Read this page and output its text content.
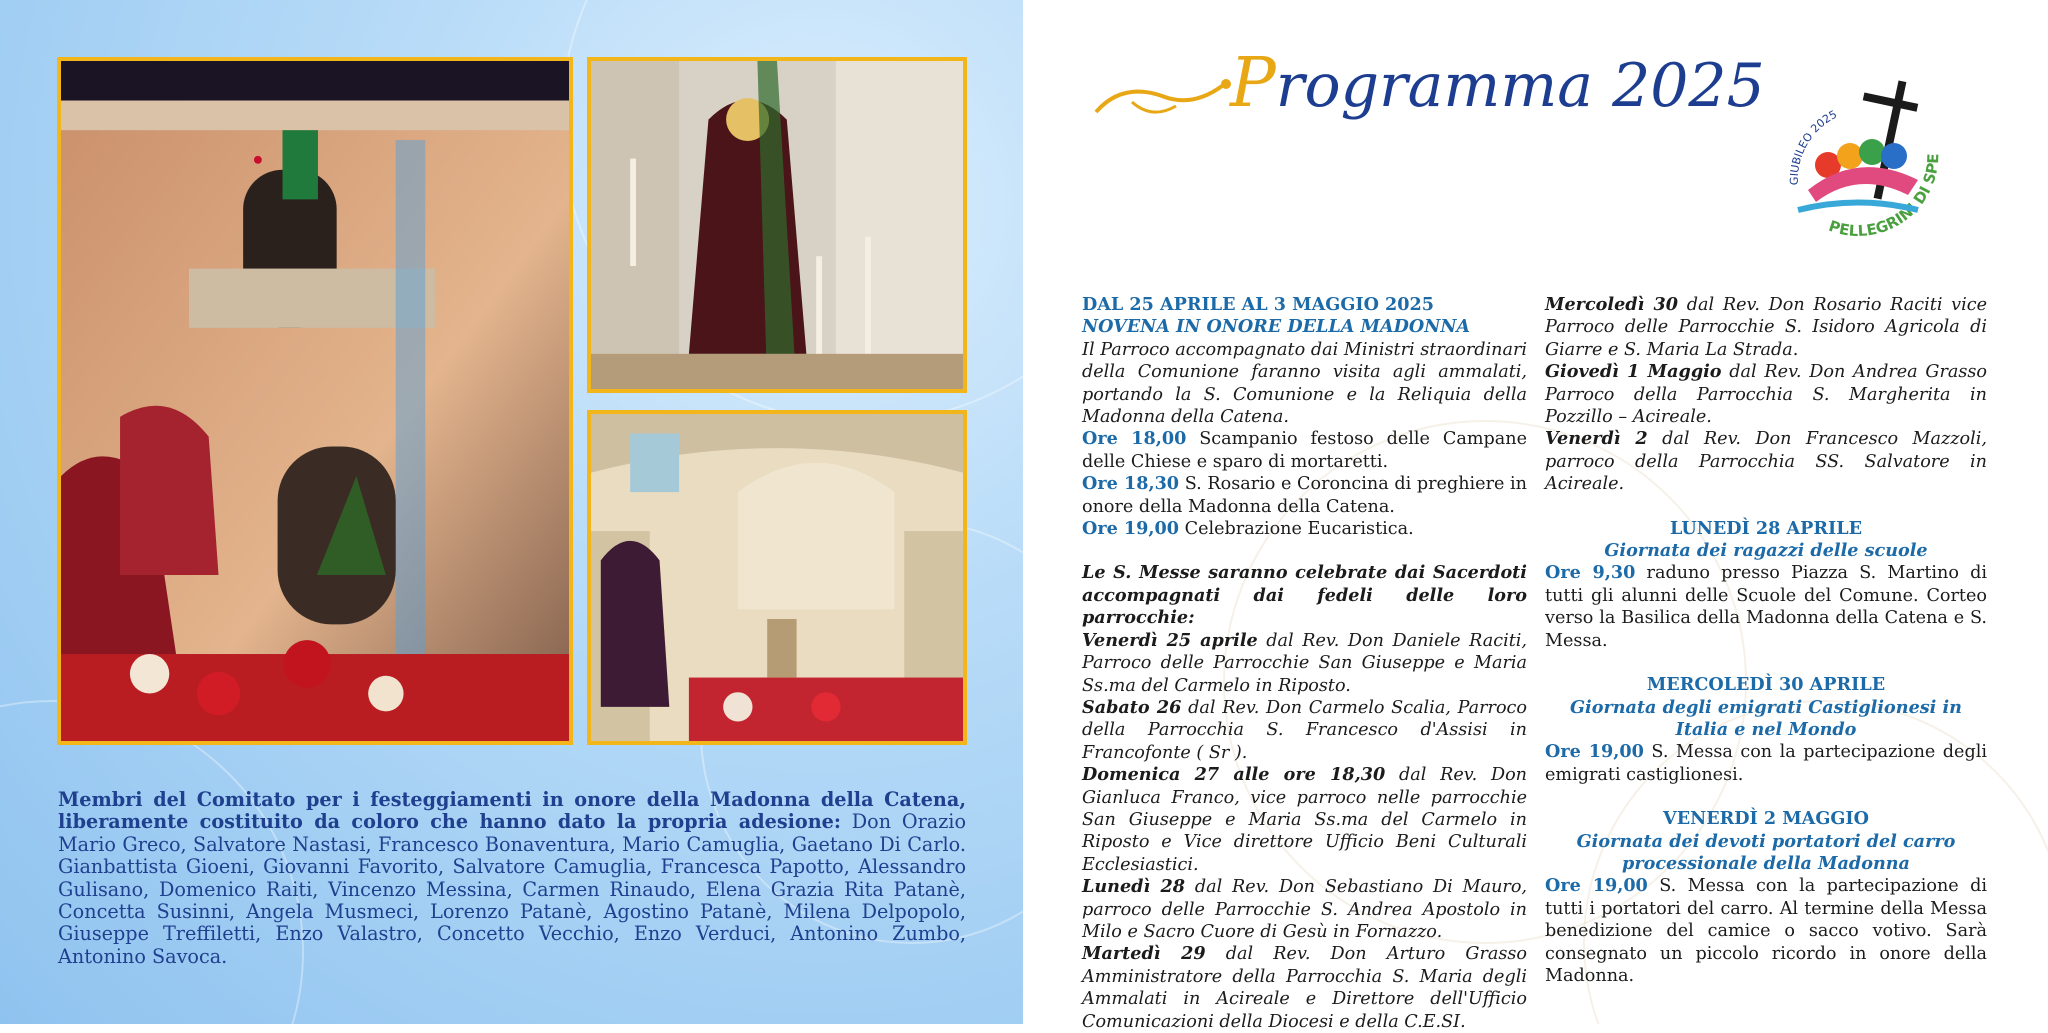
Membri del Comitato per i festeggiamenti in onore della Madonna della Catena, liberamente costituito da coloro che hanno dato la propria adesione: Don Orazio Mario Greco, Salvatore Nastasi, Francesco Bonaventura, Mario Camuglia, Gaetano Di Carlo. Gianbattista Gioeni, Giovanni Favorito, Salvatore Camuglia, Francesca Papotto, Alessandro Gulisano, Domenico Raiti, Vincenzo Messina, Carmen Rinaudo, Elena Grazia Rita Patanè, Concetta Susinni, Angela Musmeci, Lorenzo Patanè, Agostino Patanè, Milena Delpopolo, Giuseppe Treffiletti, Enzo Valastro, Concetto Vecchio, Enzo Verduci, Antonino Zumbo, Antonino Savoca.
Programma 2025
GIUBILEO 2025
PELLEGRINI DI SPE
DAL 25 APRILE AL 3 MAGGIO 2025
NOVENA IN ONORE DELLA MADONNA
Il Parroco accompagnato dai Ministri straordinari della Comunione faranno visita agli ammalati, portando la S. Comunione e la Reliquia della Madonna della Catena.
Ore 18,00 Scampanio festoso delle Campane delle Chiese e sparo di mortaretti.
Ore 18,30 S. Rosario e Coroncina di preghiere in onore della Madonna della Catena.
Ore 19,00 Celebrazione Eucaristica.
Le S. Messe saranno celebrate dai Sacerdoti accompagnati dai fedeli delle loro parrocchie:
Venerdì 25 aprile dal Rev. Don Daniele Raciti, Parroco delle Parrocchie San Giuseppe e Maria Ss.ma del Carmelo in Riposto.
Sabato 26 dal Rev. Don Carmelo Scalia, Parroco della Parrocchia S. Francesco d'Assisi in Francofonte ( Sr ).
Domenica 27 alle ore 18,30 dal Rev. Don Gianluca Franco, vice parroco nelle parrocchie San Giuseppe e Maria Ss.ma del Carmelo in Riposto e Vice direttore Ufficio Beni Culturali Ecclesiastici.
Lunedì 28 dal Rev. Don Sebastiano Di Mauro, parroco delle Parrocchie S. Andrea Apostolo in Milo e Sacro Cuore di Gesù in Fornazzo.
Martedì 29 dal Rev. Don Arturo Grasso Amministratore della Parrocchia S. Maria degli Ammalati in Acireale e Direttore dell'Ufficio Comunicazioni della Diocesi e della C.E.SI.
Mercoledì 30 dal Rev. Don Rosario Raciti vice Parroco delle Parrocchie S. Isidoro Agricola di Giarre e S. Maria La Strada.
Giovedì 1 Maggio dal Rev. Don Andrea Grasso Parroco della Parrocchia S. Margherita in Pozzillo – Acireale.
Venerdì 2 dal Rev. Don Francesco Mazzoli, parroco della Parrocchia SS. Salvatore in Acireale.
LUNEDÌ 28 APRILE
Giornata dei ragazzi delle scuole
Ore 9,30 raduno presso Piazza S. Martino di tutti gli alunni delle Scuole del Comune. Corteo verso la Basilica della Madonna della Catena e S. Messa.
MERCOLEDÌ 30 APRILE
Giornata degli emigrati Castiglionesi in Italia e nel Mondo
Ore 19,00 S. Messa con la partecipazione degli emigrati castiglionesi.
VENERDÌ 2 MAGGIO
Giornata dei devoti portatori del carro processionale della Madonna
Ore 19,00 S. Messa con la partecipazione di tutti i portatori del carro. Al termine della Messa benedizione del camice o sacco votivo. Sarà consegnato un piccolo ricordo in onore della Madonna.
